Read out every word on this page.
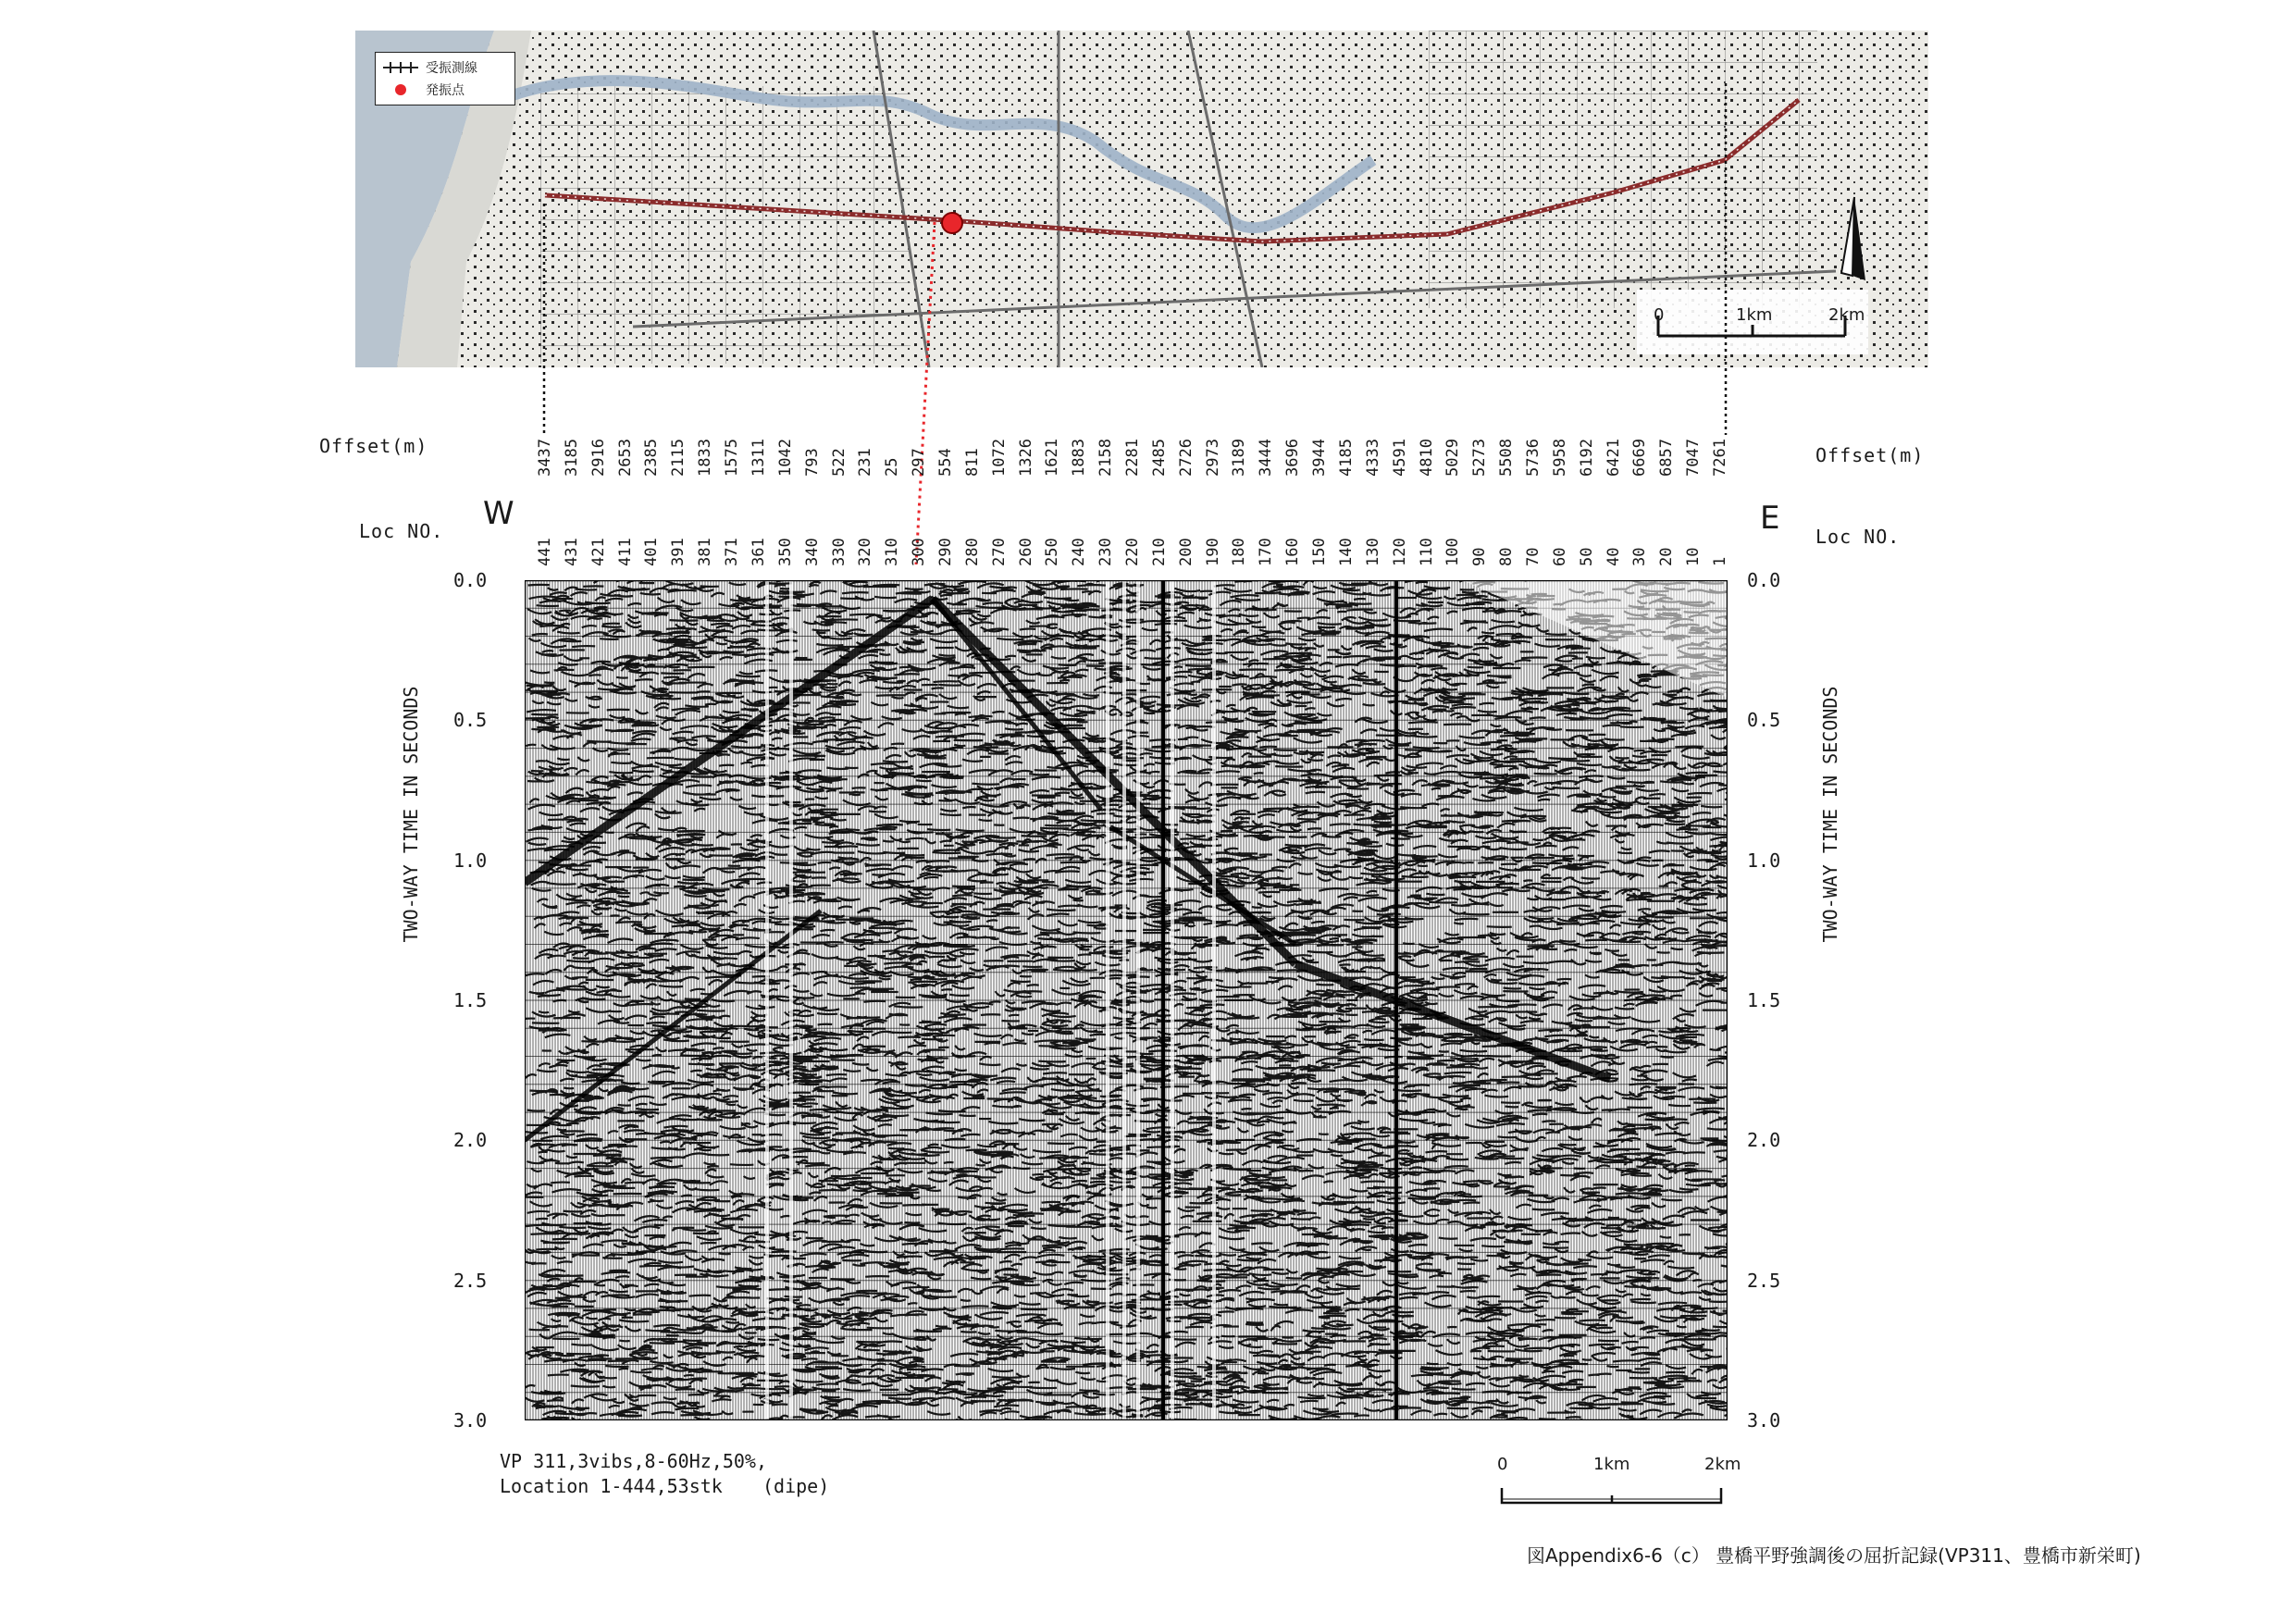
0	1km	2km
受振測線
発振点
Offset(m)	Offset(m)
Loc NO.	Loc NO.
W	E
3437 3185 2916 2653 2385 2115 1833 1575 1311 1042 793 522 231 25 297 554 811 1072 1326 1621 1883 2158 2281 2485 2726 2973 3189 3444 3696 3944 4185 4333 4591 4810 5029 5273 5508 5736 5958 6192 6421 6669 6857 7047 7261
441 431 421 411 401 391 381 371 361 350 340 330 320 310 300 290 280 270 260 250 240 230 220 210 200 190 180 170 160 150 140 130 120 110 100 90 80 70 60 50 40 30 20 10 1
0.0
0.5
1.0
1.5
2.0
2.5
3.0
0.0
0.5
1.0
1.5
2.0
2.5
3.0
TWO-WAY TIME IN SECONDS	TWO-WAY TIME IN SECONDS
VP 311,3vibs,8-60Hz,50%,
Location 1-444,53stk (dipe)
0	1km	2km
図Appendix6-6（c） 豊橋平野強調後の屈折記録(VP311、豊橋市新栄町)
